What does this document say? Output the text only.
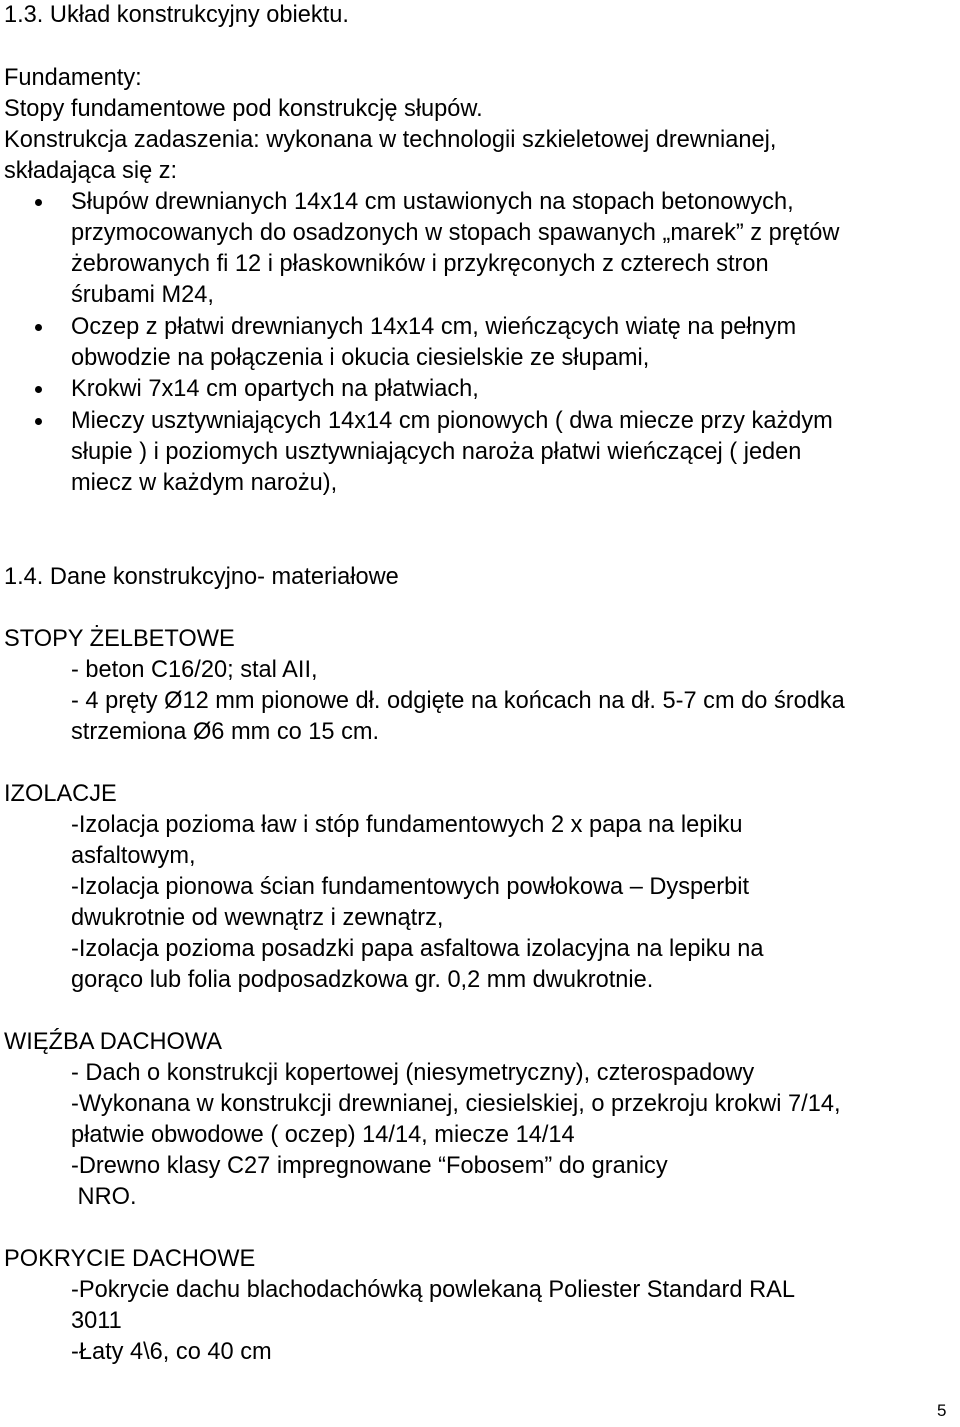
1.3. Układ konstrukcyjny obiektu.
Fundamenty:
Stopy fundamentowe pod konstrukcję słupów.
Konstrukcja zadaszenia: wykonana w technologii szkieletowej drewnianej,
składająca się z:
Słupów drewnianych 14x14 cm ustawionych na stopach betonowych,
przymocowanych do osadzonych w stopach spawanych „marek” z prętów
żebrowanych fi 12 i płaskowników i przykręconych z czterech stron
śrubami M24,
Oczep z płatwi drewnianych 14x14 cm, wieńczących wiatę na pełnym
obwodzie na połączenia i okucia ciesielskie ze słupami,
Krokwi 7x14 cm opartych na płatwiach,
Mieczy usztywniających 14x14 cm pionowych ( dwa miecze przy każdym
słupie ) i poziomych usztywniających naroża płatwi wieńczącej ( jeden
miecz w każdym narożu),
1.4. Dane konstrukcyjno- materiałowe
STOPY ŻELBETOWE
- beton C16/20; stal AII,
- 4 pręty Ø12 mm pionowe dł. odgięte na końcach na dł. 5-7 cm do środka
strzemiona Ø6 mm co 15 cm.
IZOLACJE
-Izolacja pozioma ław i stóp fundamentowych 2 x papa na lepiku
asfaltowym,
-Izolacja pionowa ścian fundamentowych powłokowa – Dysperbit
dwukrotnie od wewnątrz i zewnątrz,
-Izolacja pozioma posadzki papa asfaltowa izolacyjna na lepiku na
gorąco lub folia podposadzkowa gr. 0,2 mm dwukrotnie.
WIĘŹBA DACHOWA
- Dach o konstrukcji kopertowej (niesymetryczny), czterospadowy
-Wykonana w konstrukcji drewnianej, ciesielskiej, o przekroju krokwi 7/14,
płatwie obwodowe ( oczep) 14/14, miecze 14/14
-Drewno klasy C27 impregnowane “Fobosem” do granicy
NRO.
POKRYCIE DACHOWE
-Pokrycie dachu blachodachówką powlekaną Poliester Standard RAL
3011
-Łaty 4\6, co 40 cm
5
